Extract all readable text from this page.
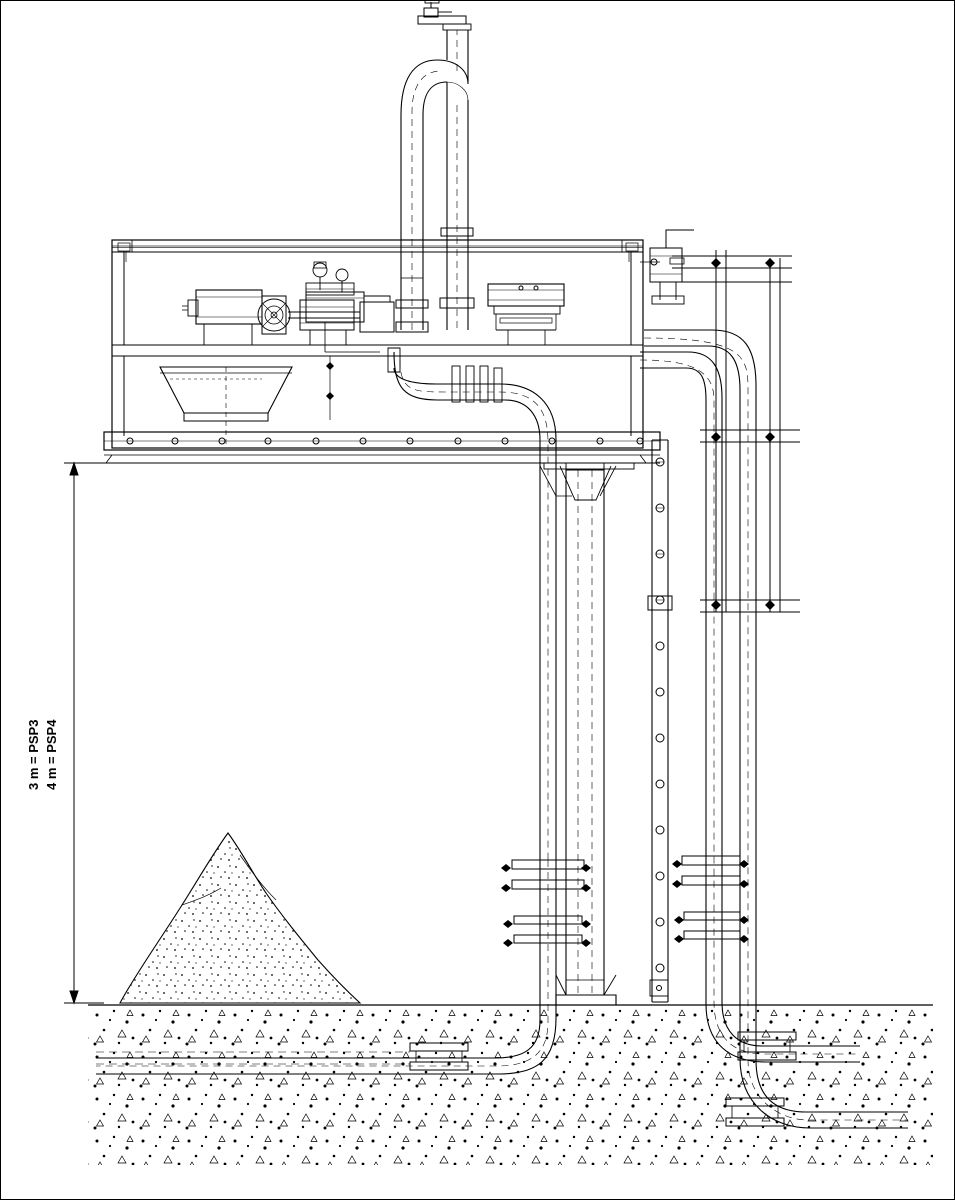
3 m = PSP3 4 m = PSP4
